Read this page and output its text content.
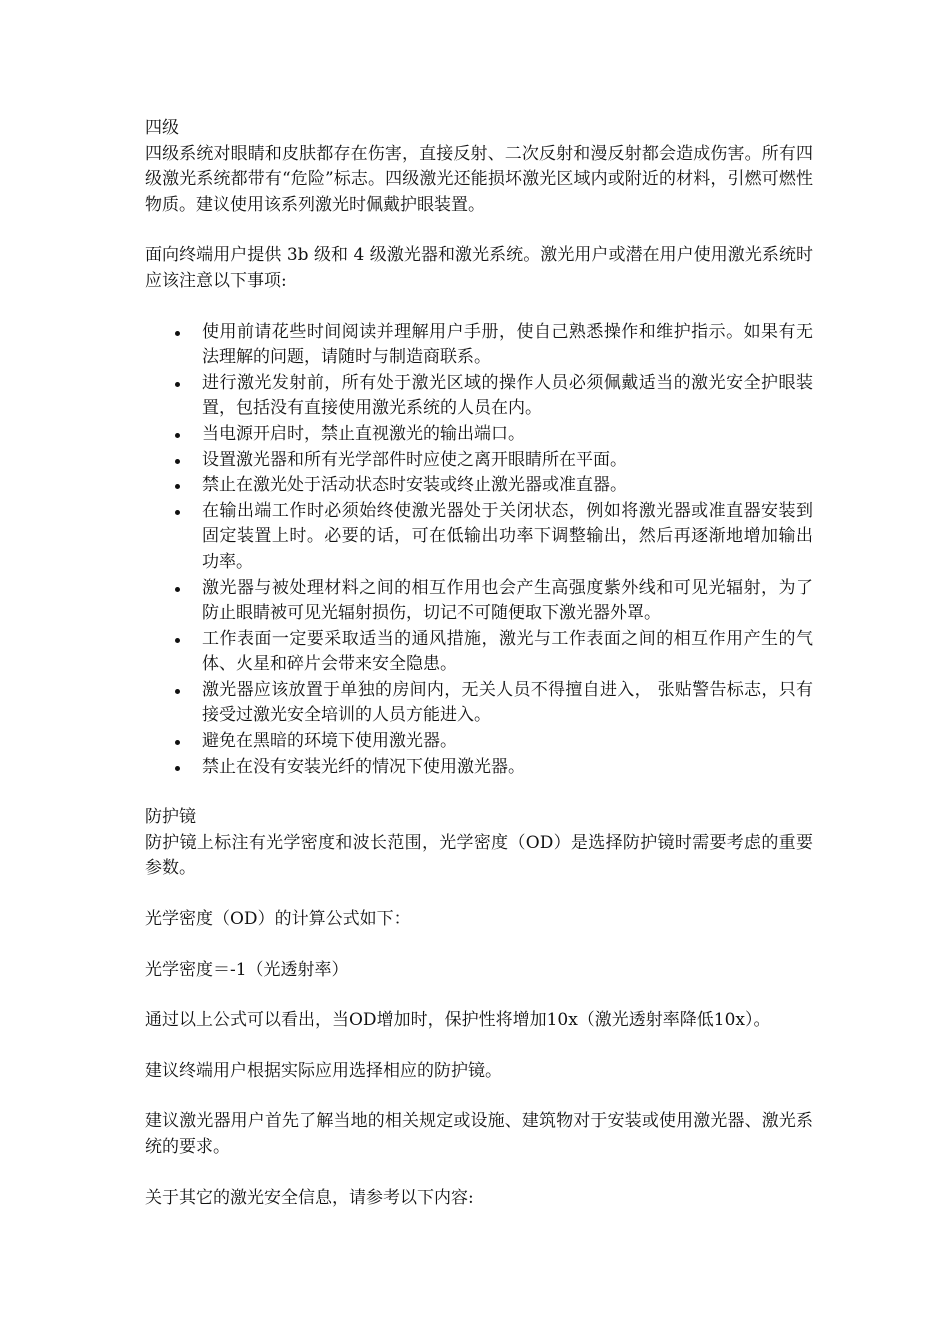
四级
四级系统对眼睛和皮肤都存在伤害，直接反射、二次反射和漫反射都会造成伤害。所有四级激光系统都带有“危险”标志。四级激光还能损坏激光区域内或附近的材料，引燃可燃性物质。建议使用该系列激光时佩戴护眼装置。

面向终端用户提供 3b 级和 4 级激光器和激光系统。激光用户或潜在用户使用激光系统时应该注意以下事项:

使用前请花些时间阅读并理解用户手册，使自己熟悉操作和维护指示。如果有无法理解的问题，请随时与制造商联系。
进行激光发射前，所有处于激光区域的操作人员必须佩戴适当的激光安全护眼装置，包括没有直接使用激光系统的人员在内。
当电源开启时，禁止直视激光的输出端口。
设置激光器和所有光学部件时应使之离开眼睛所在平面。
禁止在激光处于活动状态时安装或终止激光器或准直器。
在输出端工作时必须始终使激光器处于关闭状态，例如将激光器或准直器安装到固定装置上时。必要的话，可在低输出功率下调整输出，然后再逐渐地增加输出功率。
激光器与被处理材料之间的相互作用也会产生高强度紫外线和可见光辐射，为了防止眼睛被可见光辐射损伤，切记不可随便取下激光器外罩。
工作表面一定要采取适当的通风措施，激光与工作表面之间的相互作用产生的气体、火星和碎片会带来安全隐患。
激光器应该放置于单独的房间内，无关人员不得擅自进入， 张贴警告标志，只有接受过激光安全培训的人员方能进入。
避免在黑暗的环境下使用激光器。
禁止在没有安装光纤的情况下使用激光器。

防护镜
防护镜上标注有光学密度和波长范围，光学密度（OD）是选择防护镜时需要考虑的重要参数。

光学密度（OD）的计算公式如下：

光学密度＝-1（光透射率）

通过以上公式可以看出，当OD增加时，保护性将增加10x（激光透射率降低10x）。

建议终端用户根据实际应用选择相应的防护镜。

建议激光器用户首先了解当地的相关规定或设施、建筑物对于安装或使用激光器、激光系统的要求。

关于其它的激光安全信息，请参考以下内容:
